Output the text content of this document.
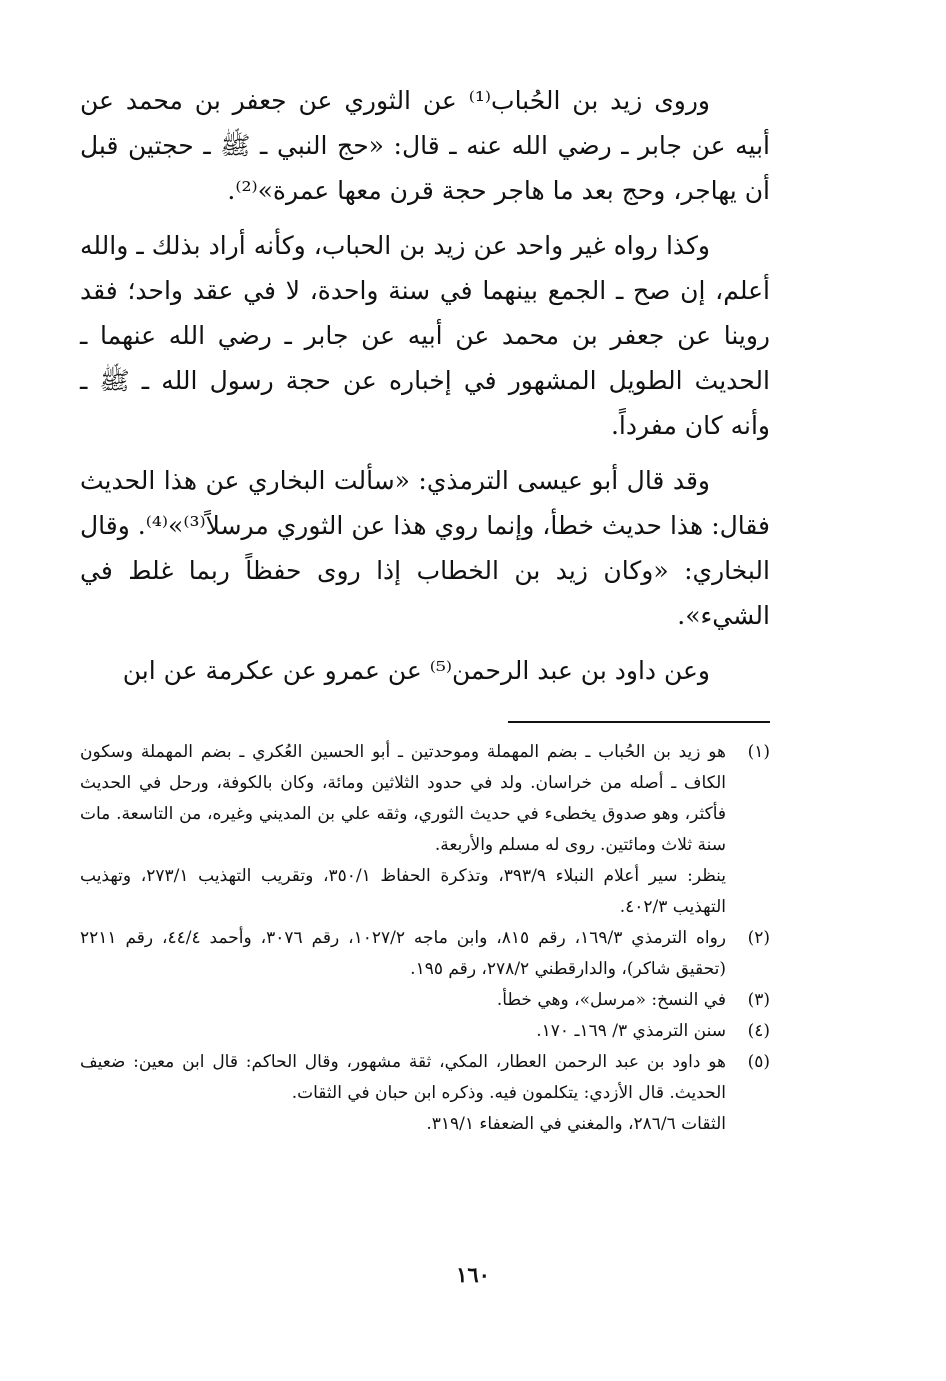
وروى زيد بن الحُباب⁽¹⁾ عن الثوري عن جعفر بن محمد عن أبيه عن جابر ـ رضي الله عنه ـ قال: «حج النبي ـ ﷺ ـ حجتين قبل أن يهاجر، وحج بعد ما هاجر حجة قرن معها عمرة»⁽²⁾.

وكذا رواه غير واحد عن زيد بن الحباب، وكأنه أراد بذلك ـ والله أعلم، إن صح ـ الجمع بينهما في سنة واحدة، لا في عقد واحد؛ فقد روينا عن جعفر بن محمد عن أبيه عن جابر ـ رضي الله عنهما ـ الحديث الطويل المشهور في إخباره عن حجة رسول الله ـ ﷺ ـ وأنه كان مفرداً.

وقد قال أبو عيسى الترمذي: «سألت البخاري عن هذا الحديث فقال: هذا حديث خطأ، وإنما روي هذا عن الثوري مرسلاً⁽³⁾»⁽⁴⁾. وقال البخاري: «وكان زيد بن الخطاب إذا روى حفظاً ربما غلط في الشيء».

وعن داود بن عبد الرحمن⁽⁵⁾ عن عمرو عن عكرمة عن ابن

(١)
هو زيد بن الحُباب ـ بضم المهملة وموحدتين ـ أبو الحسين العُكري ـ بضم المهملة وسكون الكاف ـ أصله من خراسان. ولد في حدود الثلاثين ومائة، وكان بالكوفة، ورحل في الحديث فأكثر، وهو صدوق يخطىء في حديث الثوري، وثقه علي بن المديني وغيره، من التاسعة. مات سنة ثلاث ومائتين. روى له مسلم والأربعة.
ينظر: سير أعلام النبلاء ٣٩٣/٩، وتذكرة الحفاظ ٣٥٠/١، وتقريب التهذيب ٢٧٣/١، وتهذيب التهذيب ٤٠٢/٣.
(٢)
رواه الترمذي ١٦٩/٣، رقم ٨١٥، وابن ماجه ١٠٢٧/٢، رقم ٣٠٧٦، وأحمد ٤٤/٤، رقم ٢٢١١ (تحقيق شاكر)، والدارقطني ٢٧٨/٢، رقم ١٩٥.
(٣)
في النسخ: «مرسل»، وهي خطأ.
(٤)
سنن الترمذي ٣/ ١٦٩ـ ١٧٠.
(٥)
هو داود بن عبد الرحمن العطار، المكي، ثقة مشهور، وقال الحاكم: قال ابن معين: ضعيف الحديث. قال الأزدي: يتكلمون فيه. وذكره ابن حبان في الثقات.
الثقات ٢٨٦/٦، والمغني في الضعفاء ٣١٩/١.
١٦٠
